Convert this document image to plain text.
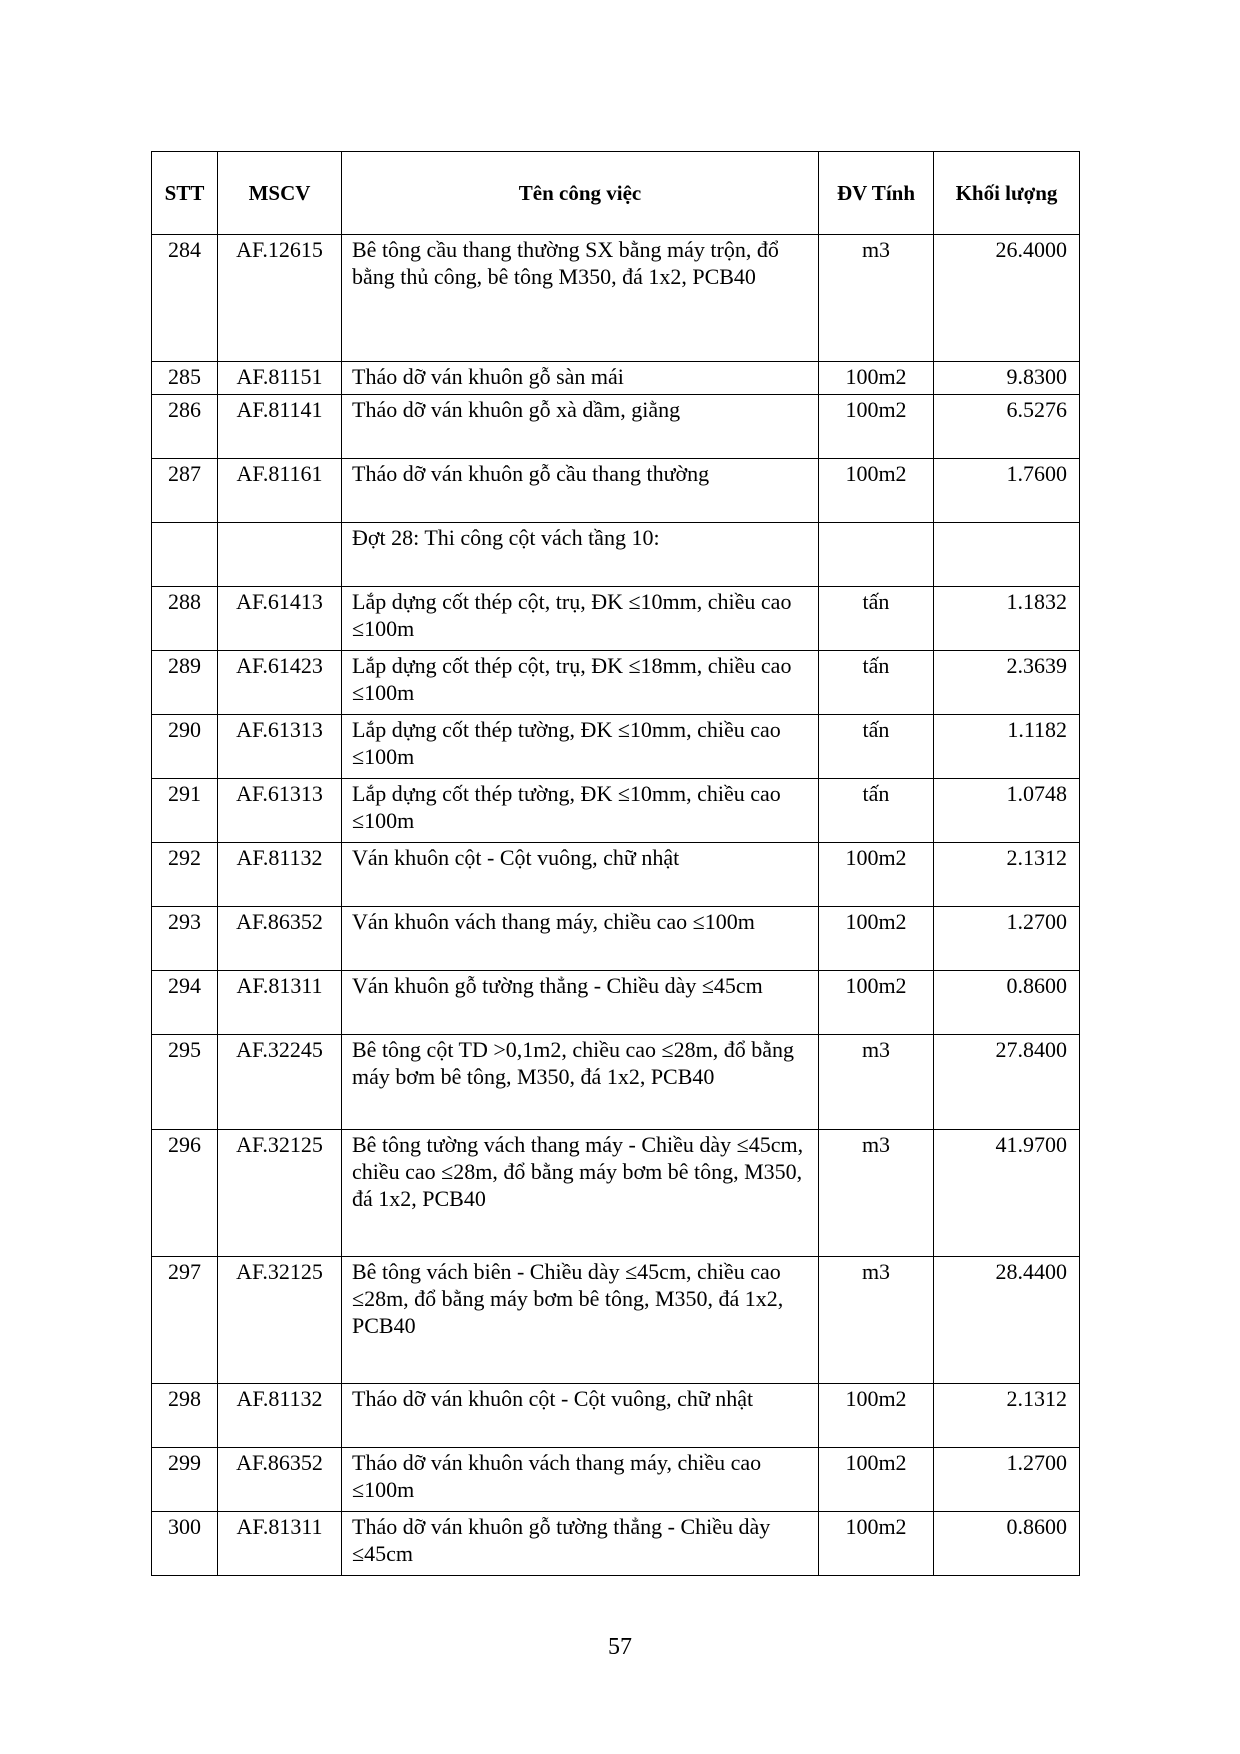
STT	MSCV	Tên công việc	ĐV Tính	Khối lượng
284	AF.12615	Bê tông cầu thang thường SX bằng máy trộn, đổ bằng thủ công, bê tông M350, đá 1x2, PCB40	m3	26.4000
285	AF.81151	Tháo dỡ ván khuôn gỗ sàn mái	100m2	9.8300
286	AF.81141	Tháo dỡ ván khuôn gỗ xà dầm, giằng	100m2	6.5276
287	AF.81161	Tháo dỡ ván khuôn gỗ cầu thang thường	100m2	1.7600
		Đợt 28: Thi công cột vách tầng 10:		
288	AF.61413	Lắp dựng cốt thép cột, trụ, ĐK ≤10mm, chiều cao ≤100m	tấn	1.1832
289	AF.61423	Lắp dựng cốt thép cột, trụ, ĐK ≤18mm, chiều cao ≤100m	tấn	2.3639
290	AF.61313	Lắp dựng cốt thép tường, ĐK ≤10mm, chiều cao ≤100m	tấn	1.1182
291	AF.61313	Lắp dựng cốt thép tường, ĐK ≤10mm, chiều cao ≤100m	tấn	1.0748
292	AF.81132	Ván khuôn cột - Cột vuông, chữ nhật	100m2	2.1312
293	AF.86352	Ván khuôn vách thang máy, chiều cao ≤100m	100m2	1.2700
294	AF.81311	Ván khuôn gỗ tường thẳng - Chiều dày ≤45cm	100m2	0.8600
295	AF.32245	Bê tông cột TD >0,1m2, chiều cao ≤28m, đổ bằng máy bơm bê tông, M350, đá 1x2, PCB40	m3	27.8400
296	AF.32125	Bê tông tường vách thang máy - Chiều dày ≤45cm, chiều cao ≤28m, đổ bằng máy bơm bê tông, M350, đá 1x2, PCB40	m3	41.9700
297	AF.32125	Bê tông vách biên - Chiều dày ≤45cm, chiều cao ≤28m, đổ bằng máy bơm bê tông, M350, đá 1x2, PCB40	m3	28.4400
298	AF.81132	Tháo dỡ ván khuôn cột - Cột vuông, chữ nhật	100m2	2.1312
299	AF.86352	Tháo dỡ ván khuôn vách thang máy, chiều cao ≤100m	100m2	1.2700
300	AF.81311	Tháo dỡ ván khuôn gỗ tường thẳng - Chiều dày ≤45cm	100m2	0.8600
57
